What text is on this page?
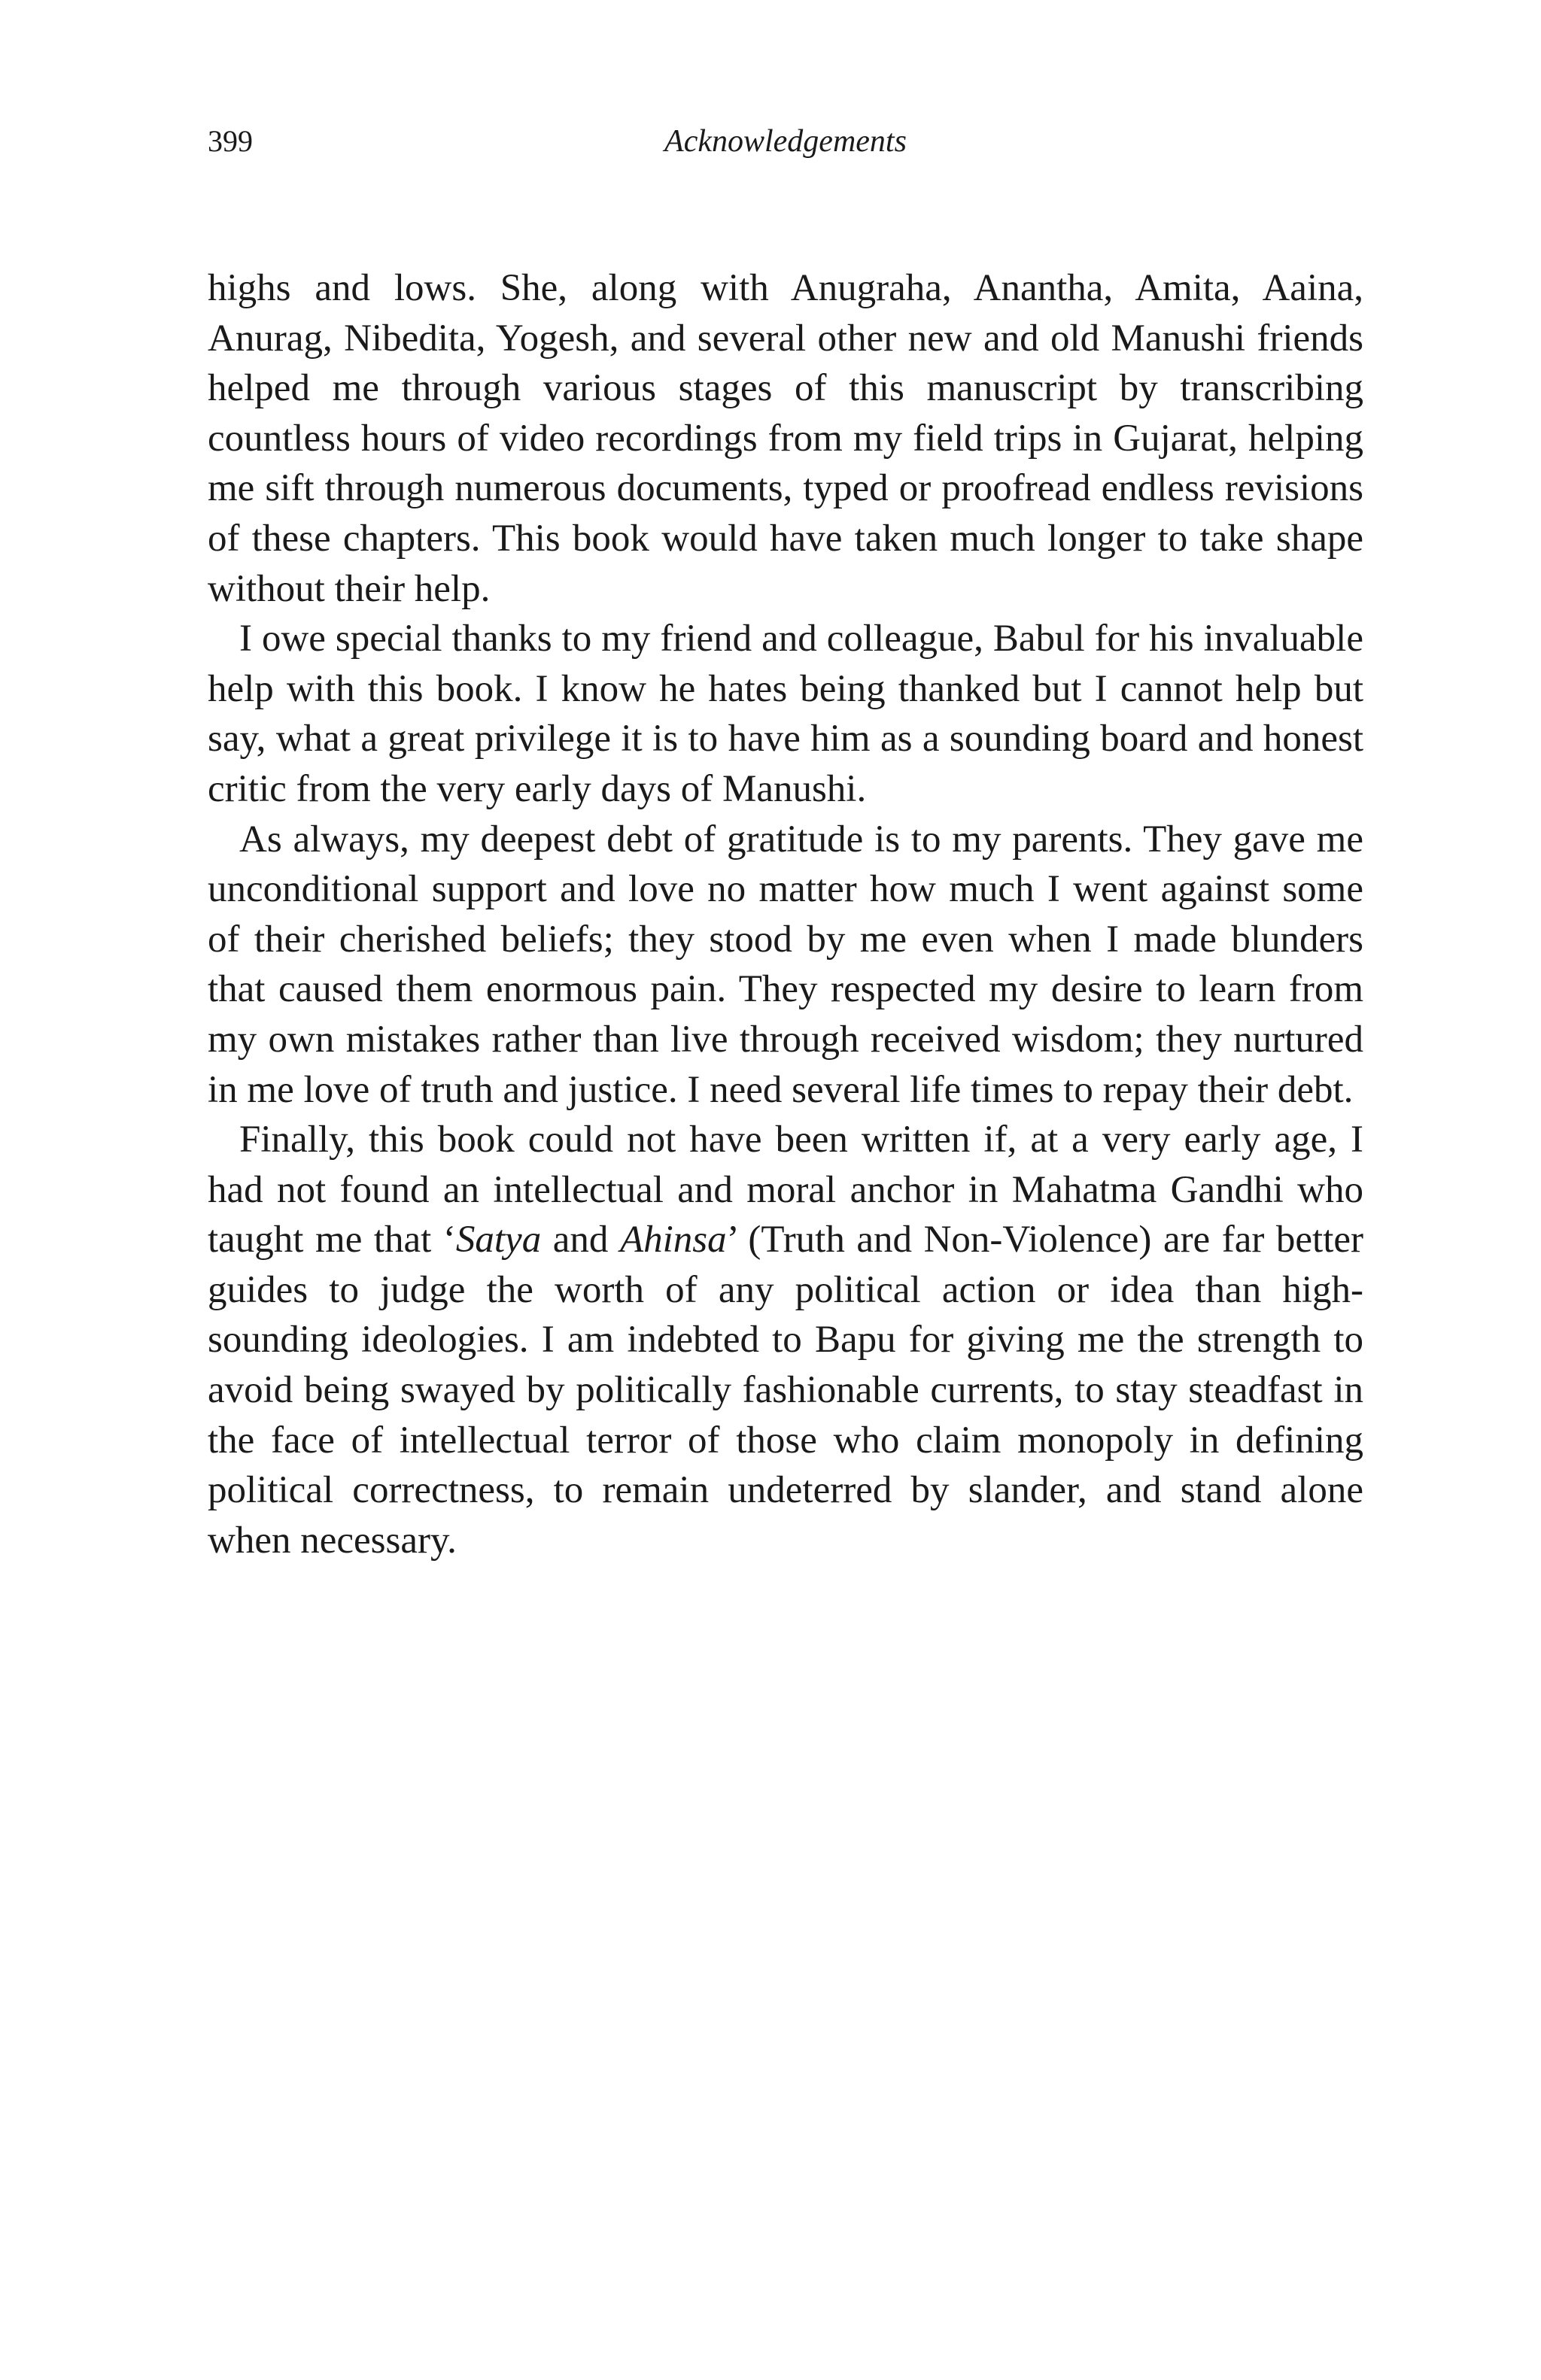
399	Acknowledgements

highs and lows. She, along with Anugraha, Anantha, Amita, Aaina, Anurag, Nibedita, Yogesh, and several other new and old Manushi friends helped me through various stages of this manuscript by transcribing countless hours of video recordings from my field trips in Gujarat, helping me sift through numerous documents, typed or proofread endless revisions of these chapters. This book would have taken much longer to take shape without their help.

I owe special thanks to my friend and colleague, Babul for his invaluable help with this book. I know he hates being thanked but I cannot help but say, what a great privilege it is to have him as a sounding board and honest critic from the very early days of Manushi.

As always, my deepest debt of gratitude is to my parents. They gave me unconditional support and love no matter how much I went against some of their cherished beliefs; they stood by me even when I made blunders that caused them enormous pain. They respected my desire to learn from my own mistakes rather than live through received wisdom; they nurtured in me love of truth and justice. I need several life times to repay their debt.

Finally, this book could not have been written if, at a very early age, I had not found an intellectual and moral anchor in Mahatma Gandhi who taught me that ‘Satya and Ahinsa’ (Truth and Non-Violence) are far better guides to judge the worth of any political action or idea than high-sounding ideologies. I am indebted to Bapu for giving me the strength to avoid being swayed by politically fashionable currents, to stay steadfast in the face of intellectual terror of those who claim monopoly in defining political correctness, to remain undeterred by slander, and stand alone when necessary.
